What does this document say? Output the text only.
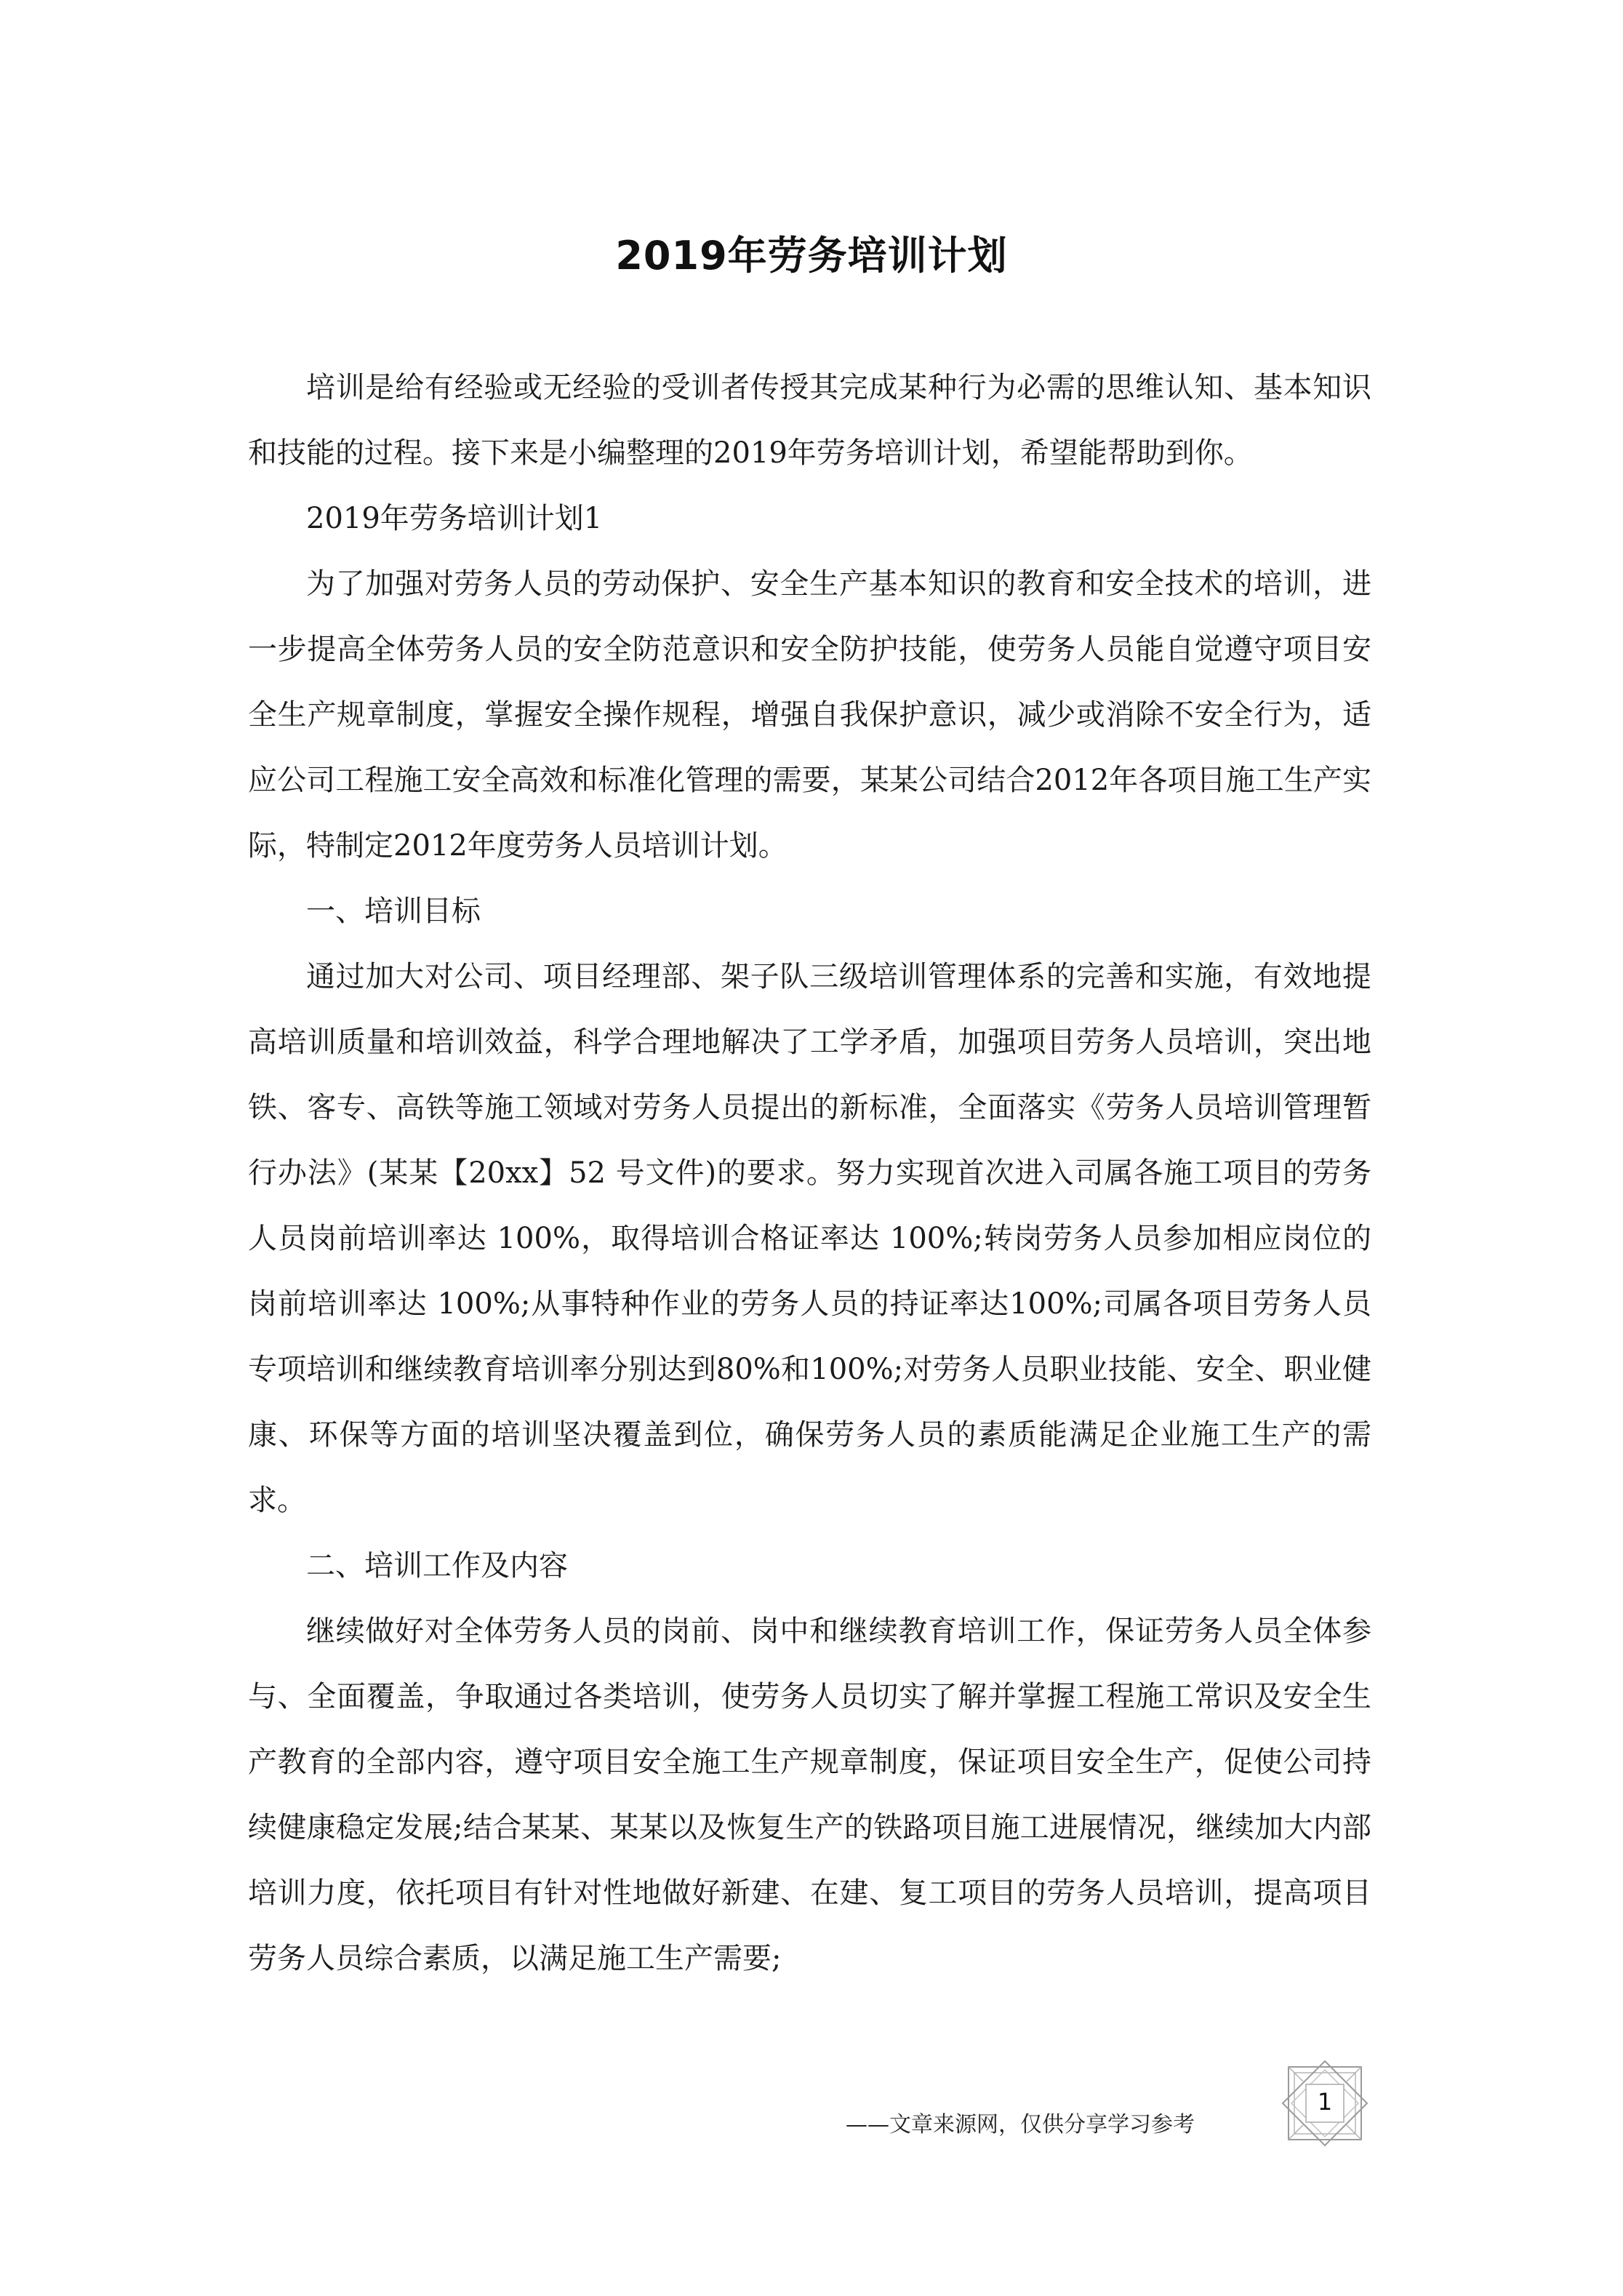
2019年劳务培训计划

培训是给有经验或无经验的受训者传授其完成某种行为必需的思维认知、基本知识和技能的过程。接下来是小编整理的2019年劳务培训计划，希望能帮助到你。

2019年劳务培训计划1

为了加强对劳务人员的劳动保护、安全生产基本知识的教育和安全技术的培训，进一步提高全体劳务人员的安全防范意识和安全防护技能，使劳务人员能自觉遵守项目安全生产规章制度，掌握安全操作规程，增强自我保护意识，减少或消除不安全行为，适应公司工程施工安全高效和标准化管理的需要，某某公司结合2012年各项目施工生产实际，特制定2012年度劳务人员培训计划。

一、培训目标

通过加大对公司、项目经理部、架子队三级培训管理体系的完善和实施，有效地提高培训质量和培训效益，科学合理地解决了工学矛盾，加强项目劳务人员培训，突出地铁、客专、高铁等施工领域对劳务人员提出的新标准，全面落实《劳务人员培训管理暂行办法》(某某【20xx】52 号文件)的要求。努力实现首次进入司属各施工项目的劳务人员岗前培训率达 100%，取得培训合格证率达 100%;转岗劳务人员参加相应岗位的岗前培训率达 100%;从事特种作业的劳务人员的持证率达100%;司属各项目劳务人员专项培训和继续教育培训率分别达到80%和100%;对劳务人员职业技能、安全、职业健康、环保等方面的培训坚决覆盖到位，确保劳务人员的素质能满足企业施工生产的需求。

二、培训工作及内容

继续做好对全体劳务人员的岗前、岗中和继续教育培训工作，保证劳务人员全体参与、全面覆盖，争取通过各类培训，使劳务人员切实了解并掌握工程施工常识及安全生产教育的全部内容，遵守项目安全施工生产规章制度，保证项目安全生产，促使公司持续健康稳定发展;结合某某、某某以及恢复生产的铁路项目施工进展情况，继续加大内部培训力度，依托项目有针对性地做好新建、在建、复工项目的劳务人员培训，提高项目劳务人员综合素质，以满足施工生产需要;

1
——文章来源网，仅供分享学习参考
